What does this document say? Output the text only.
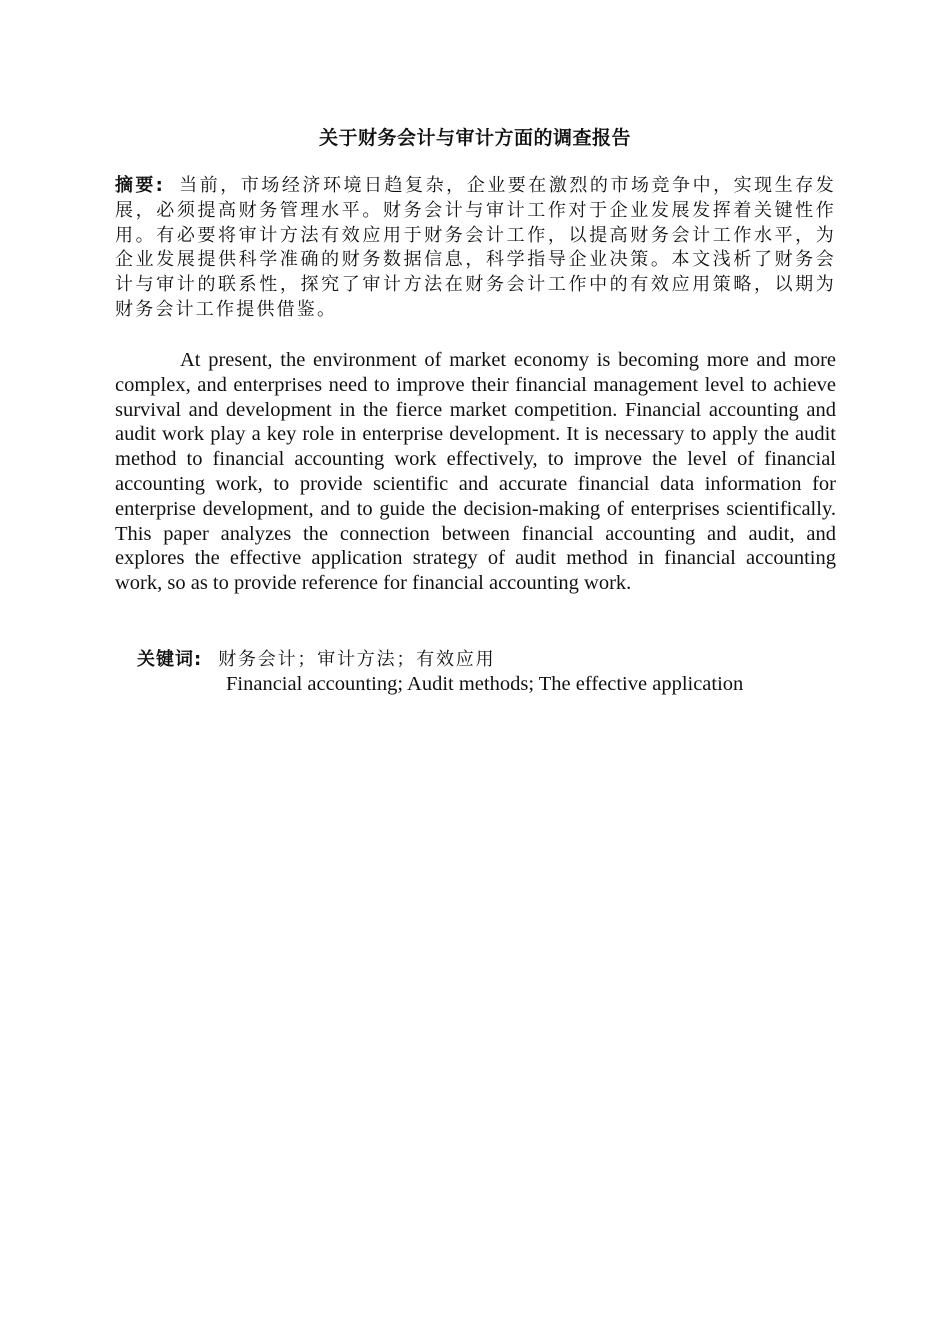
关于财务会计与审计方面的调查报告
摘要: 当前，市场经济环境日趋复杂，企业要在激烈的市场竞争中，实现生存发展，必须提高财务管理水平。财务会计与审计工作对于企业发展发挥着关键性作用。有必要将审计方法有效应用于财务会计工作，以提高财务会计工作水平，为企业发展提供科学准确的财务数据信息，科学指导企业决策。本文浅析了财务会计与审计的联系性，探究了审计方法在财务会计工作中的有效应用策略，以期为财务会计工作提供借鉴。
At present, the environment of market economy is becoming more and more complex, and enterprises need to improve their financial management level to achieve survival and development in the fierce market competition. Financial accounting and audit work play a key role in enterprise development. It is necessary to apply the audit method to financial accounting work effectively, to improve the level of financial accounting work, to provide scientific and accurate financial data information for enterprise development, and to guide the decision-making of enterprises scientifically. This paper analyzes the connection between financial accounting and audit, and explores the effective application strategy of audit method in financial accounting work, so as to provide reference for financial accounting work.
关键词: 财务会计；审计方法；有效应用
Financial accounting; Audit methods; The effective application
